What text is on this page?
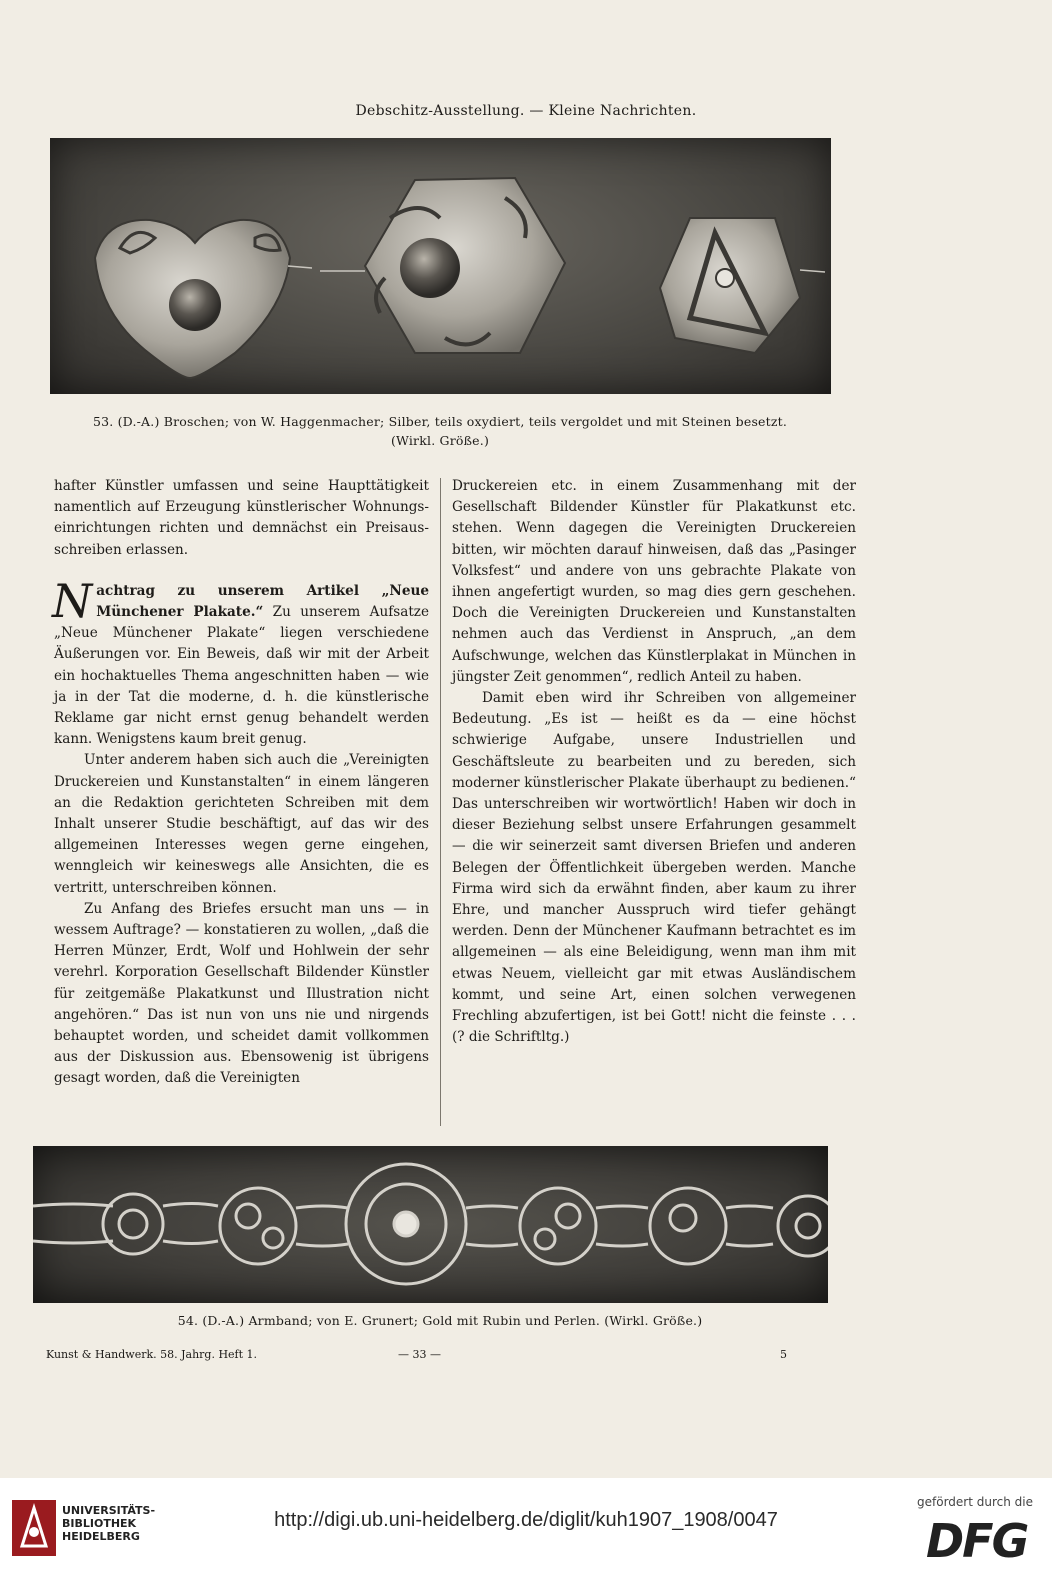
Debschitz-Ausstellung. — Kleine Nachrichten.
53. (D.-A.) Broschen; von W. Haggenmacher; Silber, teils oxydiert, teils vergoldet und mit Steinen besetzt.
(Wirkl. Größe.)

hafter Künstler umfassen und seine Haupttätigkeit namentlich auf Erzeugung künstlerischer Wohnungs-einrichtungen richten und demnächst ein Preisaus-schreiben erlassen.

Nachtrag zu unserem Artikel „Neue Münchener Plakate.“ Zu unserem Aufsatze „Neue Münchener Plakate“ liegen verschiedene Äußerungen vor. Ein Beweis, daß wir mit der Arbeit ein hochaktuelles Thema angeschnitten haben — wie ja in der Tat die moderne, d. h. die künstlerische Reklame gar nicht ernst genug behandelt werden kann. Wenigstens kaum breit genug.

Unter anderem haben sich auch die „Vereinigten Druckereien und Kunstanstalten“ in einem längeren an die Redaktion gerichteten Schreiben mit dem Inhalt unserer Studie beschäftigt, auf das wir des allgemeinen Interesses wegen gerne eingehen, wenngleich wir keineswegs alle Ansichten, die es vertritt, unterschreiben können.

Zu Anfang des Briefes ersucht man uns — in wessem Auftrage? — konstatieren zu wollen, „daß die Herren Münzer, Erdt, Wolf und Hohlwein der sehr verehrl. Korporation Gesellschaft Bildender Künstler für zeitgemäße Plakatkunst und Illustration nicht angehören.“ Das ist nun von uns nie und nirgends behauptet worden, und scheidet damit vollkommen aus der Diskussion aus. Ebensowenig ist übrigens gesagt worden, daß die Vereinigten

Druckereien etc. in einem Zusammenhang mit der Gesellschaft Bildender Künstler für Plakatkunst etc. stehen. Wenn dagegen die Vereinigten Druckereien bitten, wir möchten darauf hinweisen, daß das „Pasinger Volksfest“ und andere von uns gebrachte Plakate von ihnen angefertigt wurden, so mag dies gern geschehen. Doch die Vereinigten Druckereien und Kunstanstalten nehmen auch das Verdienst in Anspruch, „an dem Aufschwunge, welchen das Künstlerplakat in München in jüngster Zeit genommen“, redlich Anteil zu haben.

Damit eben wird ihr Schreiben von allgemeiner Bedeutung. „Es ist — heißt es da — eine höchst schwierige Aufgabe, unsere Industriellen und Geschäftsleute zu bearbeiten und zu bereden, sich moderner künstlerischer Plakate überhaupt zu bedienen.“ Das unterschreiben wir wortwörtlich! Haben wir doch in dieser Beziehung selbst unsere Erfahrungen gesammelt — die wir seinerzeit samt diversen Briefen und anderen Belegen der Öffentlichkeit übergeben werden. Manche Firma wird sich da erwähnt finden, aber kaum zu ihrer Ehre, und mancher Ausspruch wird tiefer gehängt werden. Denn der Münchener Kaufmann betrachtet es im allgemeinen — als eine Beleidigung, wenn man ihm mit etwas Neuem, vielleicht gar mit etwas Ausländischem kommt, und seine Art, einen solchen verwegenen Frechling abzufertigen, ist bei Gott! nicht die feinste . . . (? die Schriftltg.)

54. (D.-A.) Armband; von E. Grunert; Gold mit Rubin und Perlen. (Wirkl. Größe.)
Kunst & Handwerk. 58. Jahrg. Heft 1.	— 33 —	5
UNIVERSITÄTS-
BIBLIOTHEK
HEIDELBERG
http://digi.ub.uni-heidelberg.de/diglit/kuh1907_1908/0047
gefördert durch die
DFG
